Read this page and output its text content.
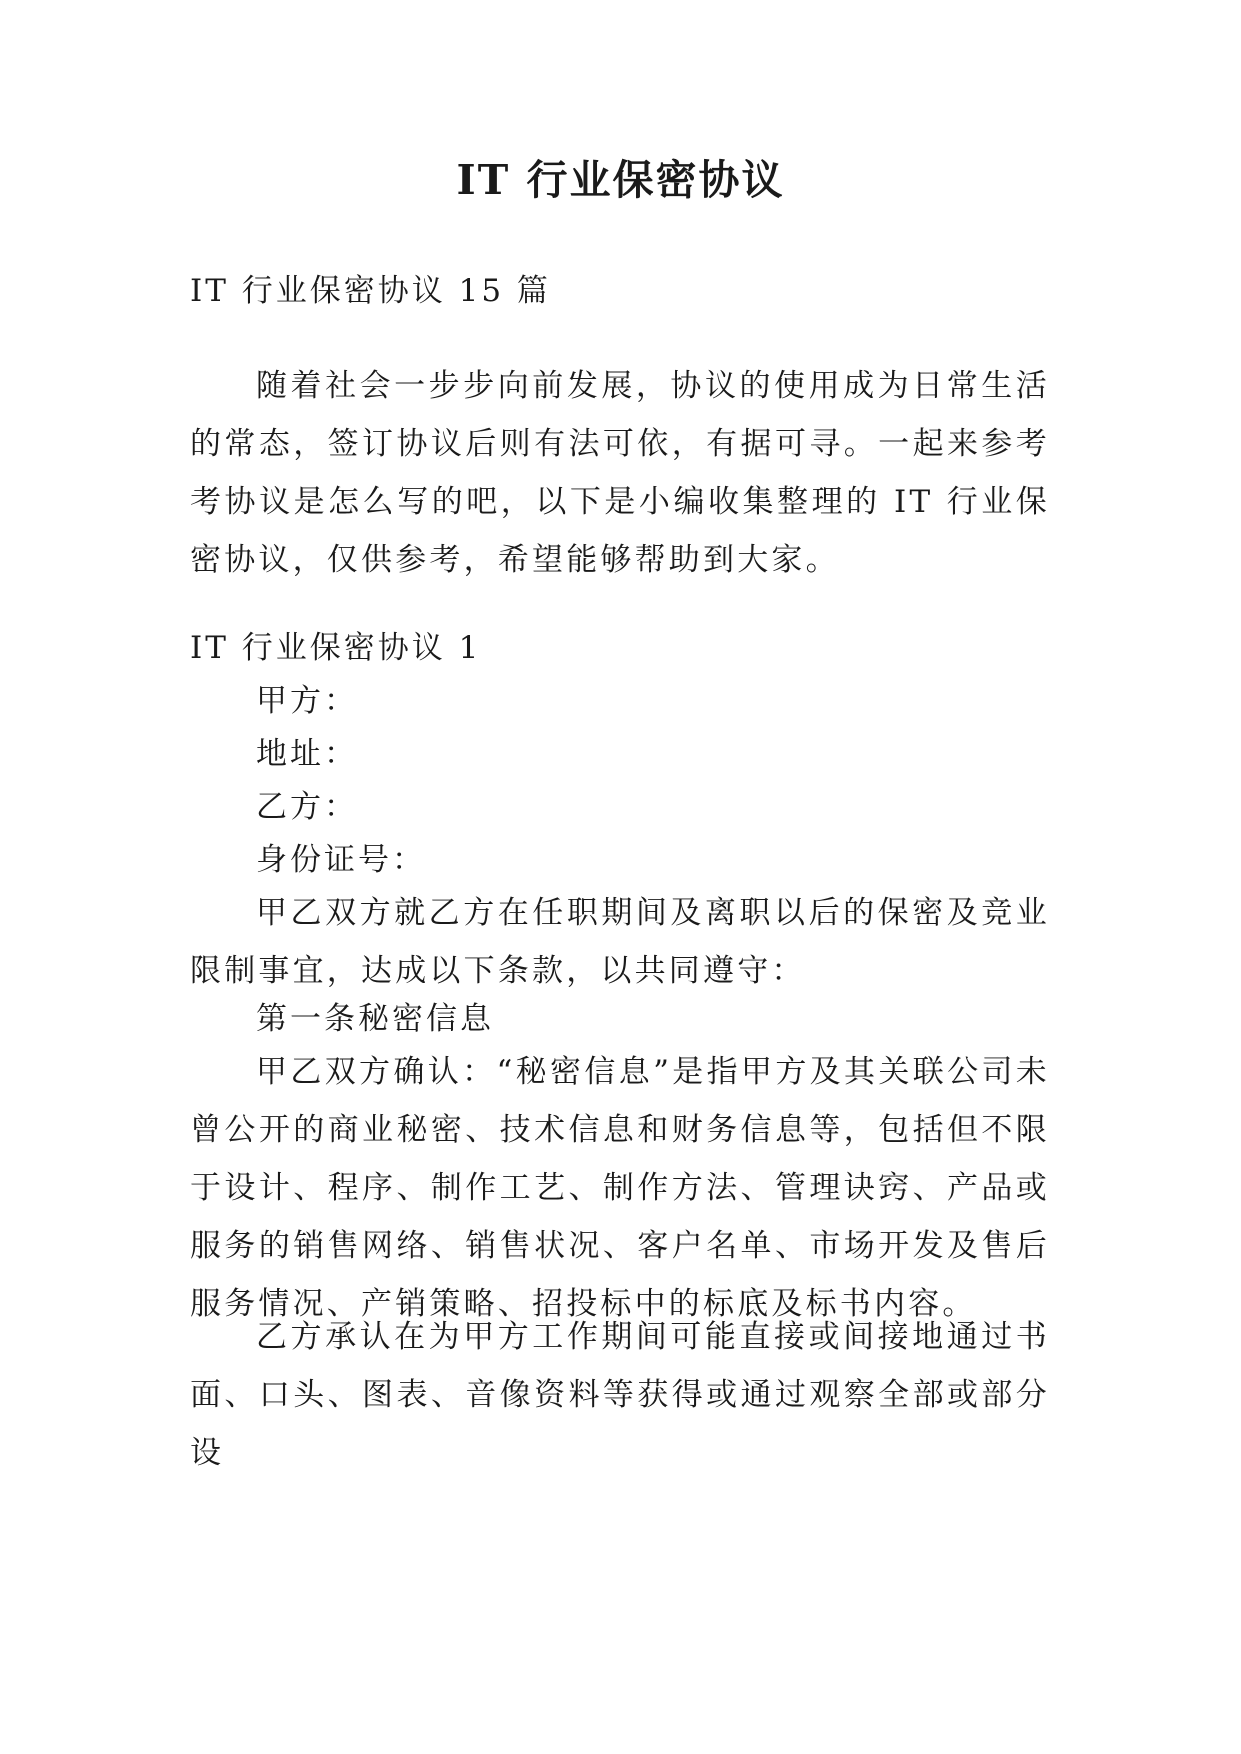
IT 行业保密协议

IT 行业保密协议 15 篇

随着社会一步步向前发展，协议的使用成为日常生活的常态，签订协议后则有法可依，有据可寻。一起来参考考协议是怎么写的吧，以下是小编收集整理的 IT 行业保密协议，仅供参考，希望能够帮助到大家。

IT 行业保密协议 1

甲方：

地址：

乙方：

身份证号：

甲乙双方就乙方在任职期间及离职以后的保密及竞业限制事宜，达成以下条款，以共同遵守：

第一条秘密信息

甲乙双方确认：“秘密信息”是指甲方及其关联公司未曾公开的商业秘密、技术信息和财务信息等，包括但不限于设计、程序、制作工艺、制作方法、管理诀窍、产品或服务的销售网络、销售状况、客户名单、市场开发及售后服务情况、产销策略、招投标中的标底及标书内容。

乙方承认在为甲方工作期间可能直接或间接地通过书面、口头、图表、音像资料等获得或通过观察全部或部分设
